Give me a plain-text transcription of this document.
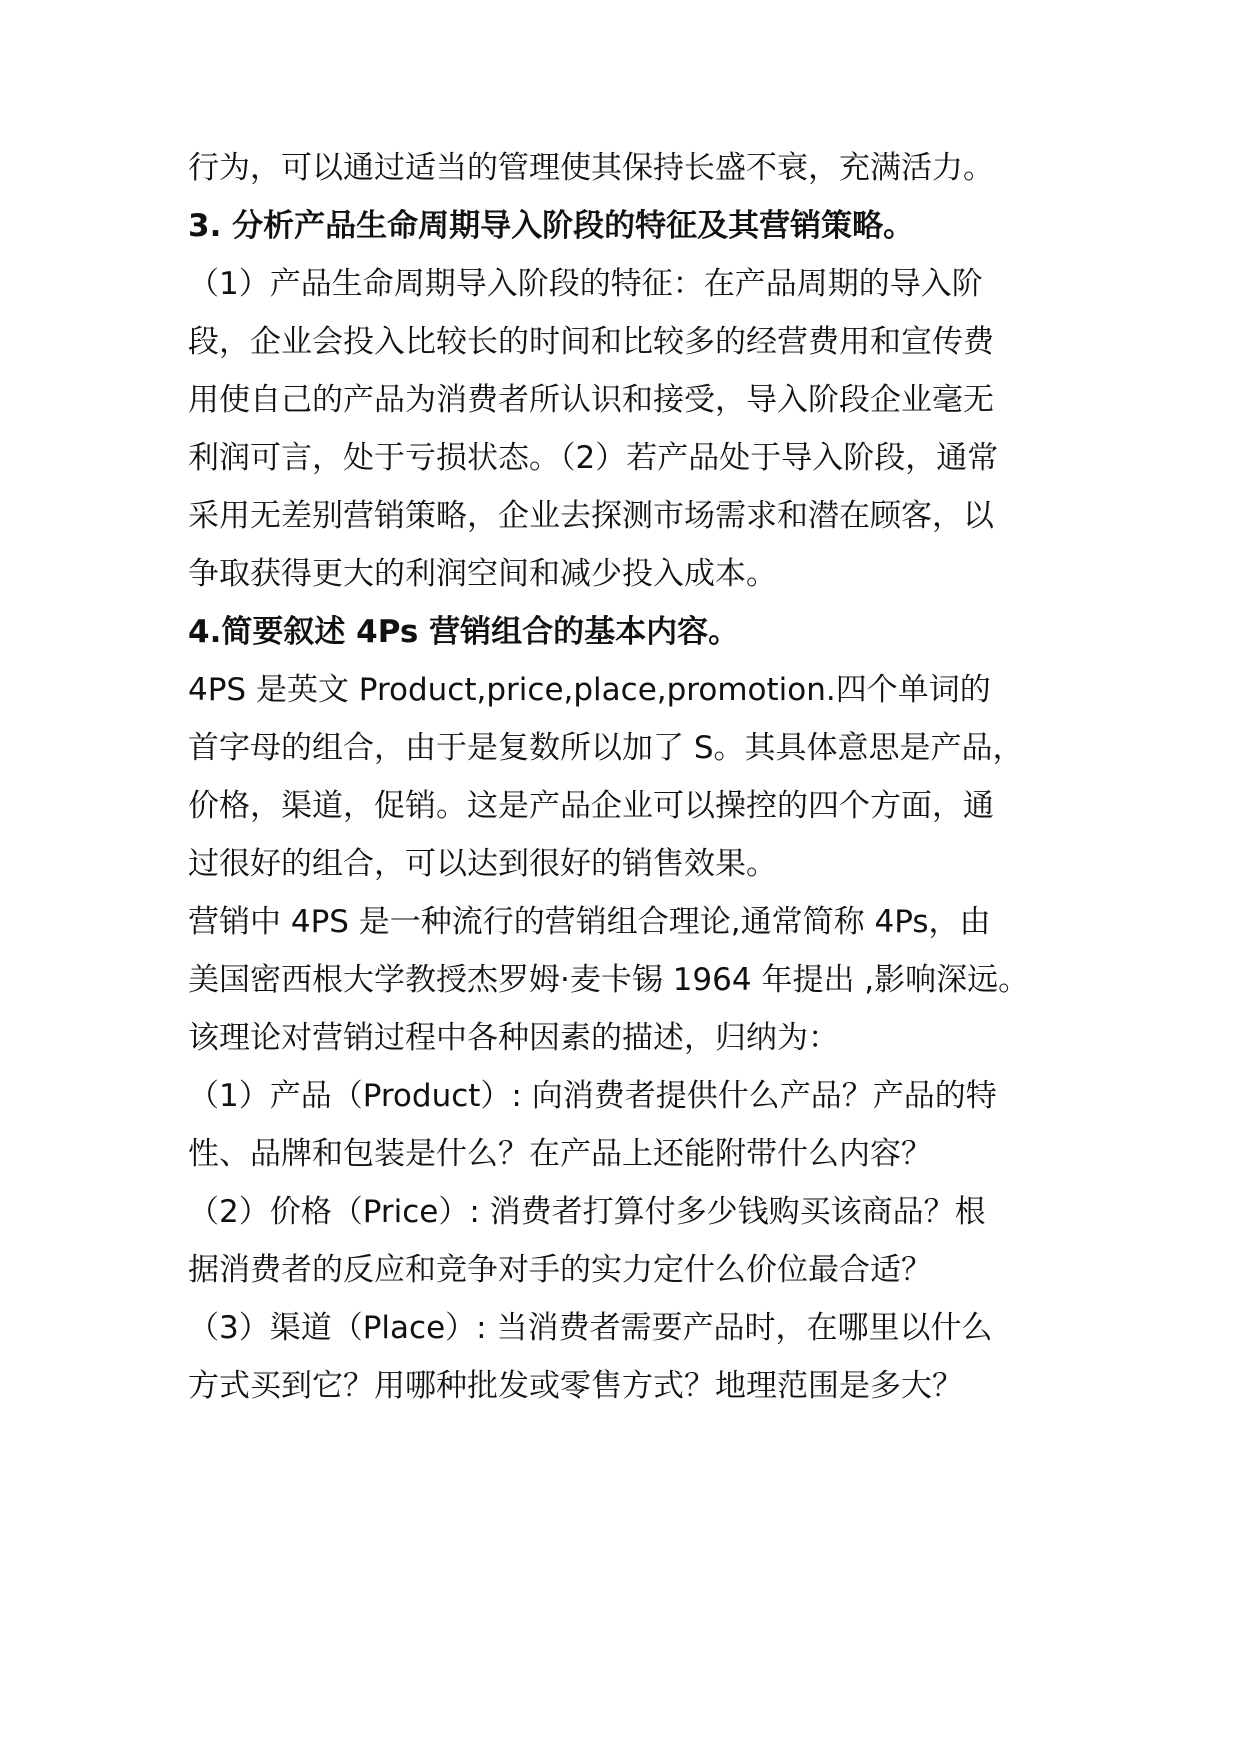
行为，可以通过适当的管理使其保持长盛不衰，充满活力。
3. 分析产品生命周期导入阶段的特征及其营销策略。
（1）产品生命周期导入阶段的特征：在产品周期的导入阶
段，企业会投入比较长的时间和比较多的经营费用和宣传费
用使自己的产品为消费者所认识和接受，导入阶段企业毫无
利润可言，处于亏损状态。（2）若产品处于导入阶段，通常
采用无差别营销策略，企业去探测市场需求和潜在顾客，以
争取获得更大的利润空间和减少投入成本。
4.简要叙述 4Ps 营销组合的基本内容。
4PS 是英文 Product,price,place,promotion.四个单词的
首字母的组合，由于是复数所以加了 S。其具体意思是产品，
价格，渠道，促销。这是产品企业可以操控的四个方面，通
过很好的组合，可以达到很好的销售效果。
营销中 4PS 是一种流行的营销组合理论,通常简称 4Ps，由
美国密西根大学教授杰罗姆·麦卡锡 1964 年提出 ,影响深远。
该理论对营销过程中各种因素的描述，归纳为：
（1）产品（Product）: 向消费者提供什么产品？产品的特
性、品牌和包装是什么？在产品上还能附带什么内容？
（2）价格（Price）: 消费者打算付多少钱购买该商品？根
据消费者的反应和竞争对手的实力定什么价位最合适？
（3）渠道（Place）: 当消费者需要产品时，在哪里以什么
方式买到它？用哪种批发或零售方式？地理范围是多大？
